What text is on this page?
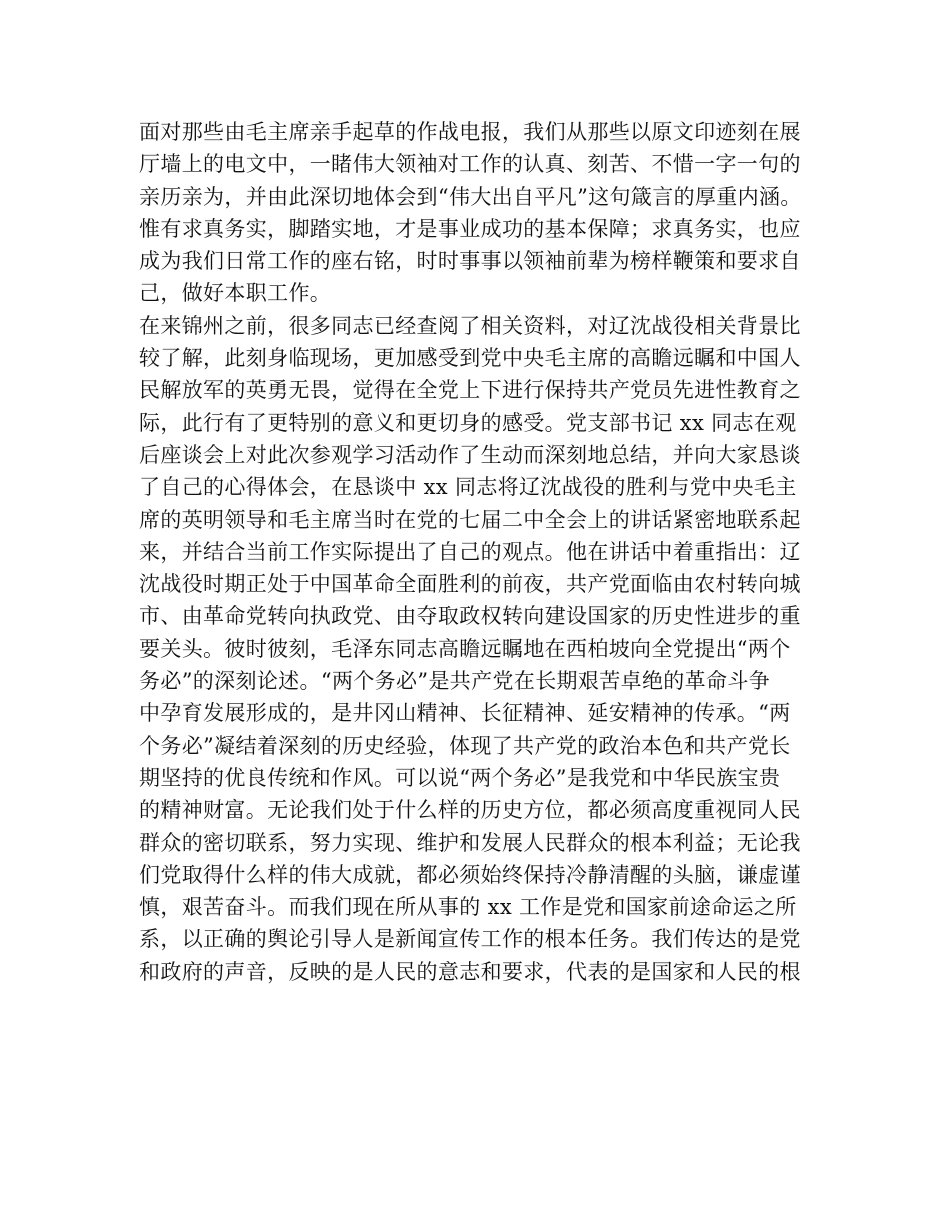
面对那些由毛主席亲手起草的作战电报，我们从那些以原文印迹刻在展
厅墙上的电文中，一睹伟大领袖对工作的认真、刻苦、不惜一字一句的
亲历亲为，并由此深切地体会到“伟大出自平凡”这句箴言的厚重内涵。
惟有求真务实，脚踏实地，才是事业成功的基本保障；求真务实，也应
成为我们日常工作的座右铭，时时事事以领袖前辈为榜样鞭策和要求自
己，做好本职工作。
在来锦州之前，很多同志已经查阅了相关资料，对辽沈战役相关背景比
较了解，此刻身临现场，更加感受到党中央毛主席的高瞻远瞩和中国人
民解放军的英勇无畏，觉得在全党上下进行保持共产党员先进性教育之
际，此行有了更特别的意义和更切身的感受。党支部书记 xx 同志在观
后座谈会上对此次参观学习活动作了生动而深刻地总结，并向大家恳谈
了自己的心得体会，在恳谈中 xx 同志将辽沈战役的胜利与党中央毛主
席的英明领导和毛主席当时在党的七届二中全会上的讲话紧密地联系起
来，并结合当前工作实际提出了自己的观点。他在讲话中着重指出：辽
沈战役时期正处于中国革命全面胜利的前夜，共产党面临由农村转向城
市、由革命党转向执政党、由夺取政权转向建设国家的历史性进步的重
要关头。彼时彼刻，毛泽东同志高瞻远瞩地在西柏坡向全党提出“两个
务必”的深刻论述。“两个务必”是共产党在长期艰苦卓绝的革命斗争
中孕育发展形成的，是井冈山精神、长征精神、延安精神的传承。“两
个务必”凝结着深刻的历史经验，体现了共产党的政治本色和共产党长
期坚持的优良传统和作风。可以说“两个务必”是我党和中华民族宝贵
的精神财富。无论我们处于什么样的历史方位，都必须高度重视同人民
群众的密切联系，努力实现、维护和发展人民群众的根本利益；无论我
们党取得什么样的伟大成就，都必须始终保持冷静清醒的头脑，谦虚谨
慎，艰苦奋斗。而我们现在所从事的 xx 工作是党和国家前途命运之所
系，以正确的舆论引导人是新闻宣传工作的根本任务。我们传达的是党
和政府的声音，反映的是人民的意志和要求，代表的是国家和人民的根
